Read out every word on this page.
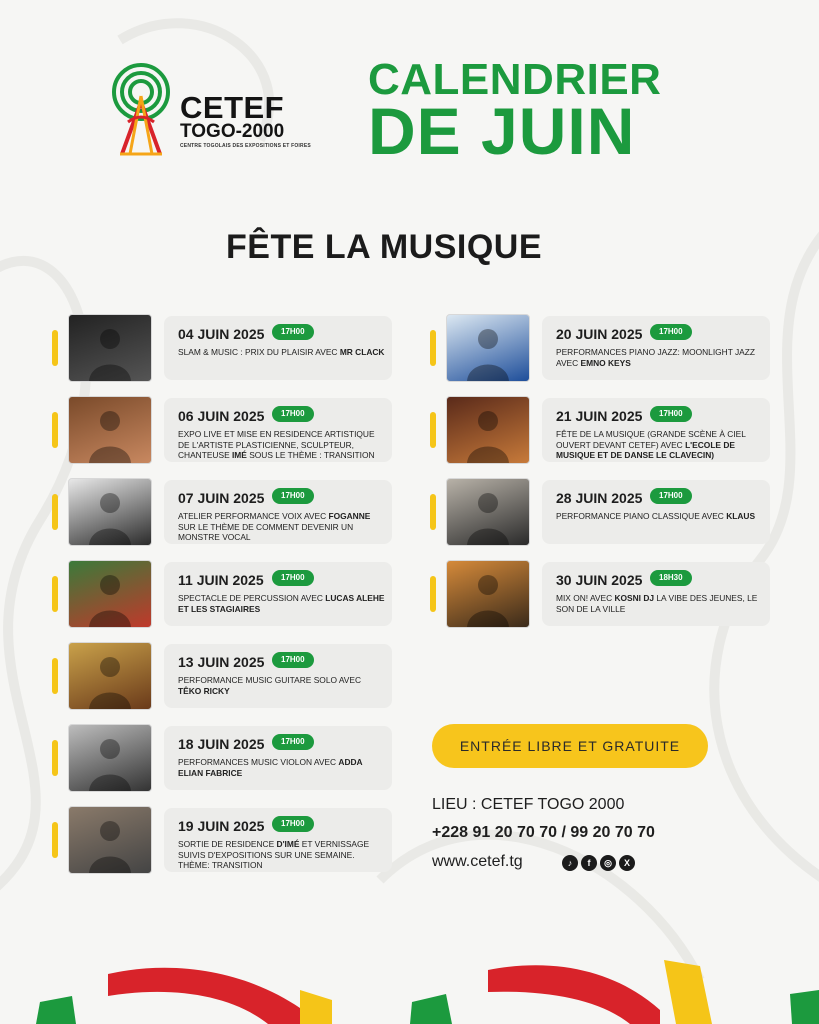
CETEF
TOGO-2000
CENTRE TOGOLAIS DES EXPOSITIONS ET FOIRES
CALENDRIER
DE JUIN
FÊTE LA MUSIQUE
04 JUIN 2025	17H00
SLAM & MUSIC : PRIX DU PLAISIR AVEC MR CLACK
06 JUIN 2025	17H00
EXPO LIVE ET MISE EN RESIDENCE ARTISTIQUE DE L'ARTISTE PLASTICIENNE, SCULPTEUR, CHANTEUSE IMÉ SOUS LE THÈME : TRANSITION
07 JUIN 2025	17H00
ATELIER PERFORMANCE VOIX AVEC FOGANNE SUR LE THÈME DE COMMENT DEVENIR UN MONSTRE VOCAL
11 JUIN 2025	17H00
SPECTACLE DE PERCUSSION AVEC LUCAS ALEHE ET LES STAGIAIRES
13 JUIN 2025	17H00
PERFORMANCE MUSIC GUITARE SOLO AVEC TÊKO RICKY
18 JUIN 2025	17H00
PERFORMANCES MUSIC VIOLON AVEC ADDA ELIAN FABRICE
19 JUIN 2025	17H00
SORTIE DE RESIDENCE D'IMÉ ET VERNISSAGE SUIVIS D'EXPOSITIONS SUR UNE SEMAINE. THÈME: TRANSITION
20 JUIN 2025	17H00
PERFORMANCES PIANO JAZZ: MOONLIGHT JAZZ AVEC EMNO KEYS
21 JUIN 2025	17H00
FÊTE DE LA MUSIQUE (GRANDE SCÈNE À CIEL OUVERT DEVANT CETEF) AVEC L'ECOLE DE MUSIQUE ET DE DANSE LE CLAVECIN)
28 JUIN 2025	17H00
PERFORMANCE PIANO CLASSIQUE AVEC KLAUS
30 JUIN 2025	18H30
MIX ON! AVEC KOSNI DJ LA VIBE DES JEUNES, LE SON DE LA VILLE
ENTRÉE LIBRE ET GRATUITE
LIEU : CETEF TOGO 2000
+228 91 20 70 70 / 99 20 70 70
www.cetef.tg	♪	f	◎	X
